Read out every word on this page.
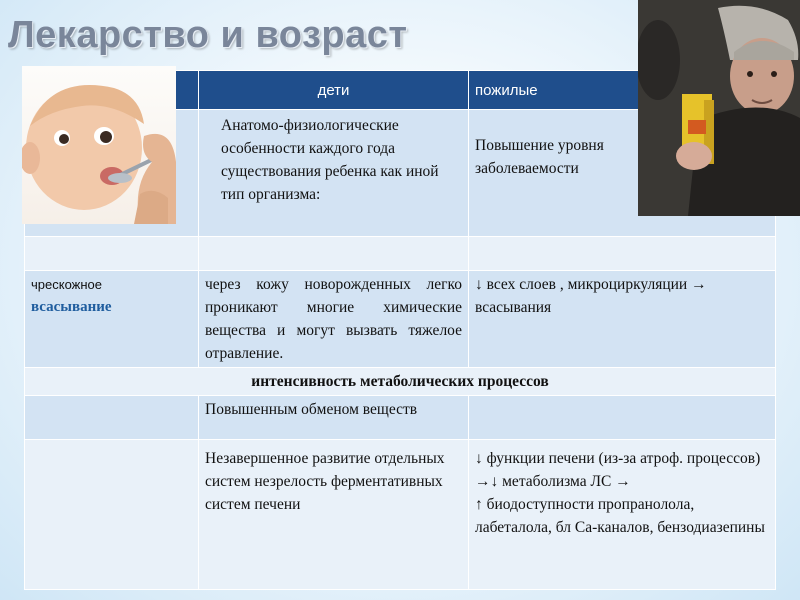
Лекарство и возраст
	дети	пожилые
	Анатомо-физиологические особенности каждого года существования ребенка как иной тип организма:	Повышение уровня заболеваемости

чрескожное
всасывание	через кожу новорожденных легко проникают многие химические вещества и могут вызвать тяжелое отравление.	↓ всех слоев , микроциркуляции → всасывания
интенсивность метаболических процессов		
	Повышенным обменом веществ	
	Незавершенное развитие отдельных систем незрелость ферментативных систем печени	↓ функции печени (из-за атроф. процессов) →↓ метаболизма ЛС →
↑ биодоступности пропранолола, лабеталола, бл Ca-каналов, бензодиазепины
